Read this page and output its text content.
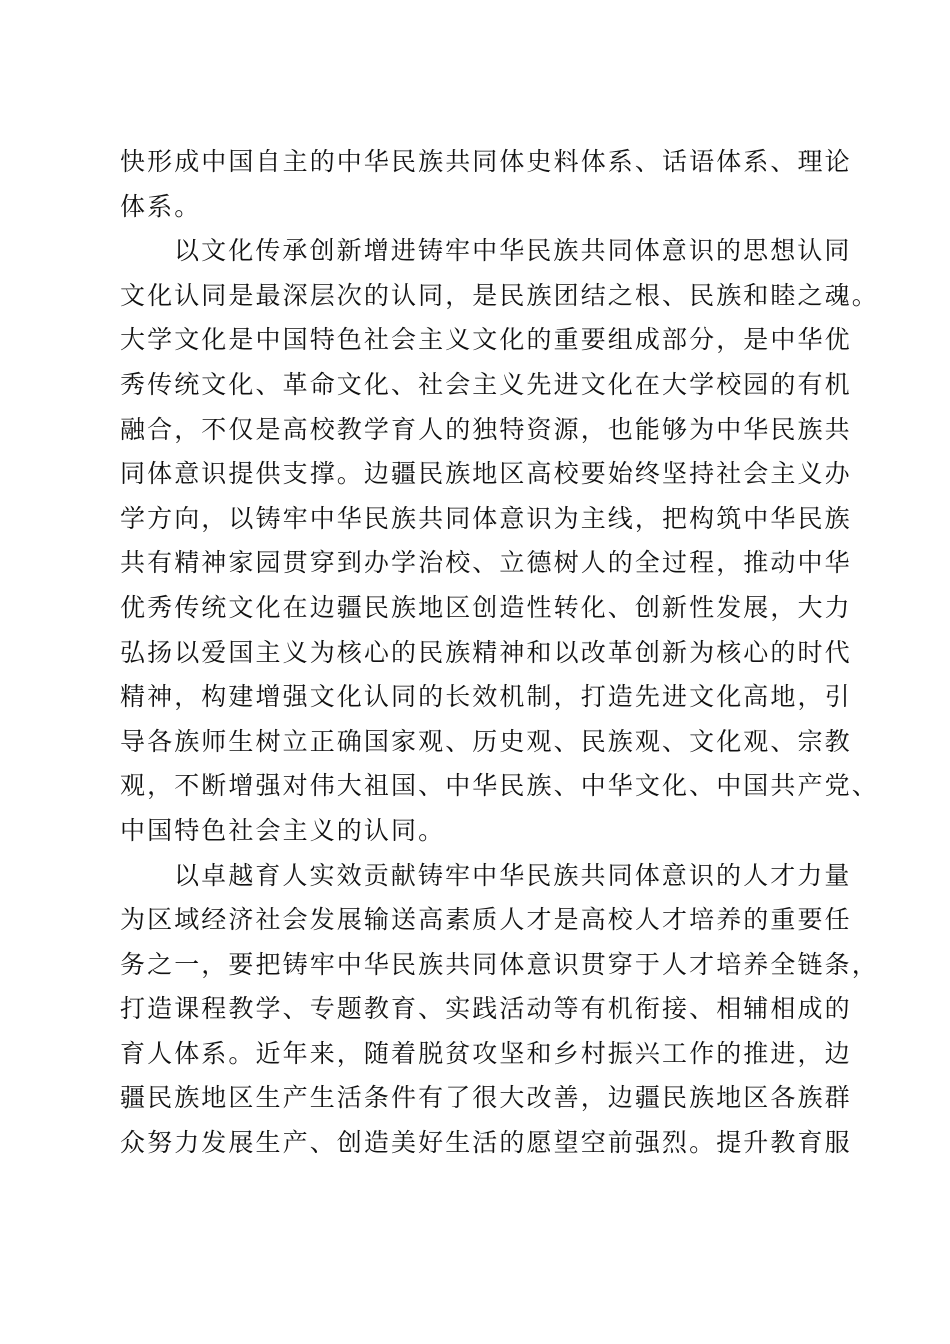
快形成中国自主的中华民族共同体史料体系、话语体系、理论
体系。
以文化传承创新增进铸牢中华民族共同体意识的思想认同
文化认同是最深层次的认同，是民族团结之根、民族和睦之魂。
大学文化是中国特色社会主义文化的重要组成部分，是中华优
秀传统文化、革命文化、社会主义先进文化在大学校园的有机
融合，不仅是高校教学育人的独特资源，也能够为中华民族共
同体意识提供支撑。边疆民族地区高校要始终坚持社会主义办
学方向，以铸牢中华民族共同体意识为主线，把构筑中华民族
共有精神家园贯穿到办学治校、立德树人的全过程，推动中华
优秀传统文化在边疆民族地区创造性转化、创新性发展，大力
弘扬以爱国主义为核心的民族精神和以改革创新为核心的时代
精神，构建增强文化认同的长效机制，打造先进文化高地，引
导各族师生树立正确国家观、历史观、民族观、文化观、宗教
观，不断增强对伟大祖国、中华民族、中华文化、中国共产党、
中国特色社会主义的认同。
以卓越育人实效贡献铸牢中华民族共同体意识的人才力量
为区域经济社会发展输送高素质人才是高校人才培养的重要任
务之一，要把铸牢中华民族共同体意识贯穿于人才培养全链条，
打造课程教学、专题教育、实践活动等有机衔接、相辅相成的
育人体系。近年来，随着脱贫攻坚和乡村振兴工作的推进，边
疆民族地区生产生活条件有了很大改善，边疆民族地区各族群
众努力发展生产、创造美好生活的愿望空前强烈。提升教育服
